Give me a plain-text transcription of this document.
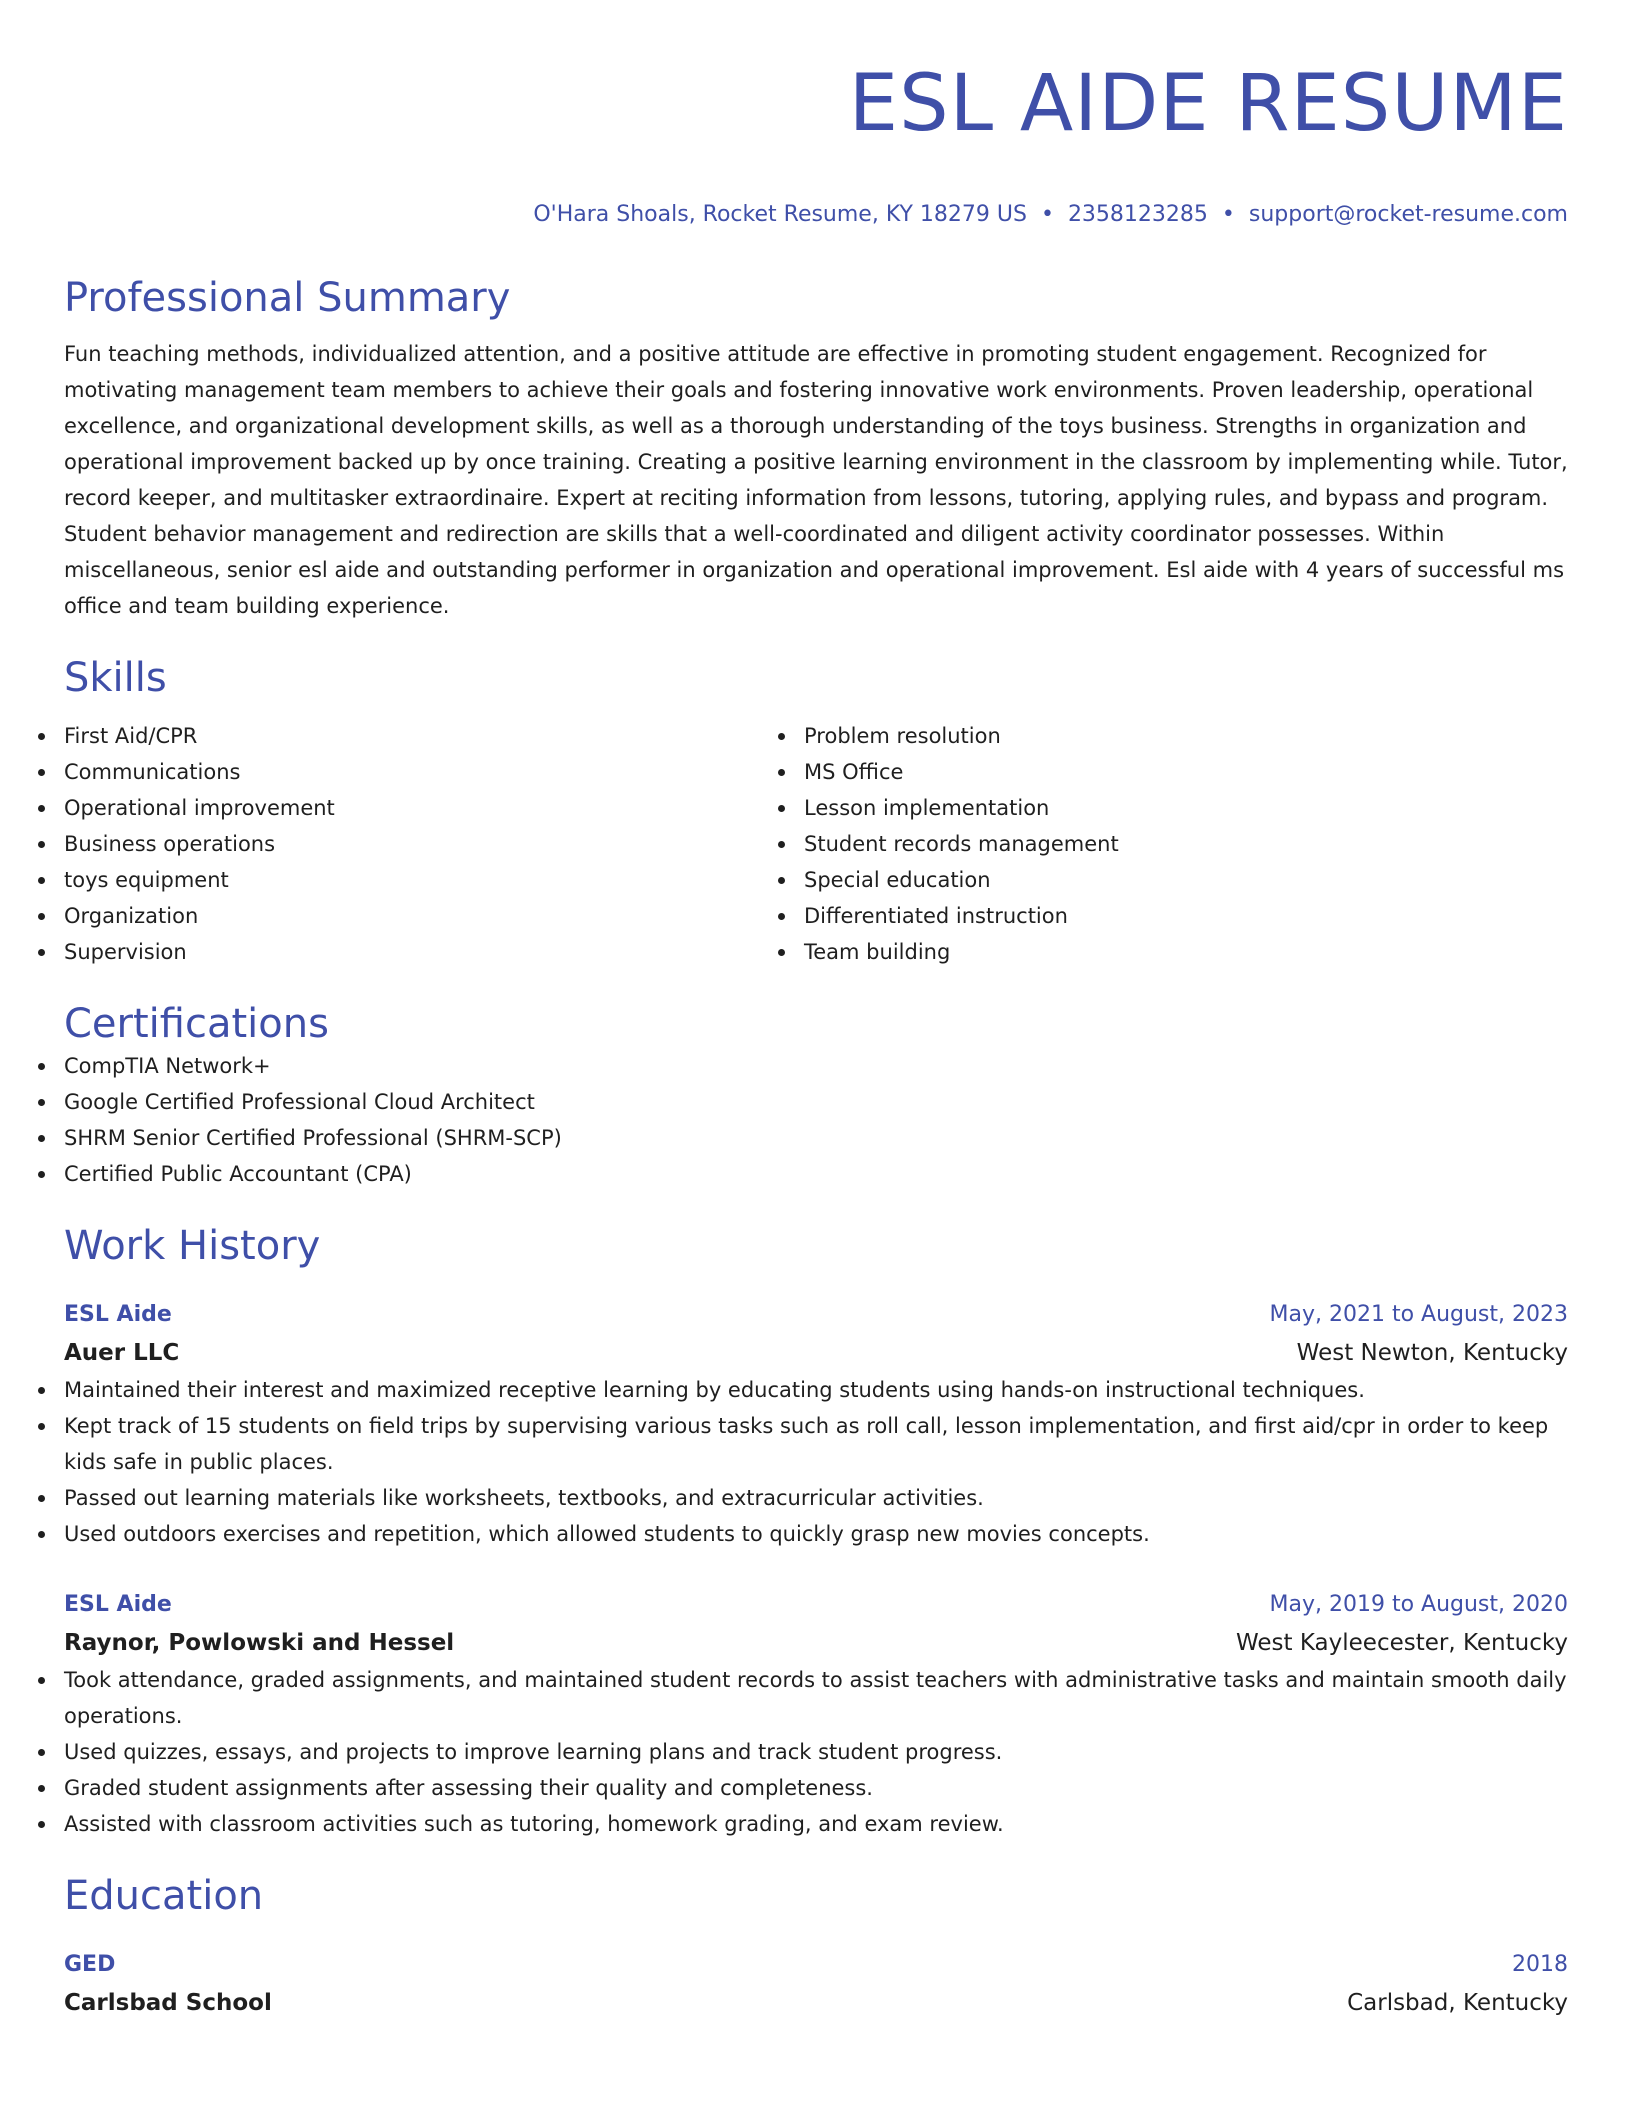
ESL AIDE RESUME
O'Hara Shoals, Rocket Resume, KY 18279 US • 2358123285 • support@rocket-resume.com
Professional Summary
Fun teaching methods, individualized attention, and a positive attitude are effective in promoting student engagement. Recognized for motivating management team members to achieve their goals and fostering innovative work environments. Proven leadership, operational excellence, and organizational development skills, as well as a thorough understanding of the toys business. Strengths in organization and operational improvement backed up by once training. Creating a positive learning environment in the classroom by implementing while. Tutor, record keeper, and multitasker extraordinaire. Expert at reciting information from lessons, tutoring, applying rules, and bypass and program. Student behavior management and redirection are skills that a well-coordinated and diligent activity coordinator possesses. Within miscellaneous, senior esl aide and outstanding performer in organization and operational improvement. Esl aide with 4 years of successful ms office and team building experience.
Skills
First Aid/CPR
Communications
Operational improvement
Business operations
toys equipment
Organization
Supervision
Problem resolution
MS Office
Lesson implementation
Student records management
Special education
Differentiated instruction
Team building
Certifications
CompTIA Network+
Google Certified Professional Cloud Architect
SHRM Senior Certified Professional (SHRM-SCP)
Certified Public Accountant (CPA)
Work History
ESL Aide	May, 2021 to August, 2023
Auer LLC	West Newton, Kentucky
Maintained their interest and maximized receptive learning by educating students using hands-on instructional techniques.
Kept track of 15 students on field trips by supervising various tasks such as roll call, lesson implementation, and first aid/cpr in order to keep kids safe in public places.
Passed out learning materials like worksheets, textbooks, and extracurricular activities.
Used outdoors exercises and repetition, which allowed students to quickly grasp new movies concepts.
ESL Aide	May, 2019 to August, 2020
Raynor, Powlowski and Hessel	West Kayleecester, Kentucky
Took attendance, graded assignments, and maintained student records to assist teachers with administrative tasks and maintain smooth daily operations.
Used quizzes, essays, and projects to improve learning plans and track student progress.
Graded student assignments after assessing their quality and completeness.
Assisted with classroom activities such as tutoring, homework grading, and exam review.
Education
GED	2018
Carlsbad School	Carlsbad, Kentucky
